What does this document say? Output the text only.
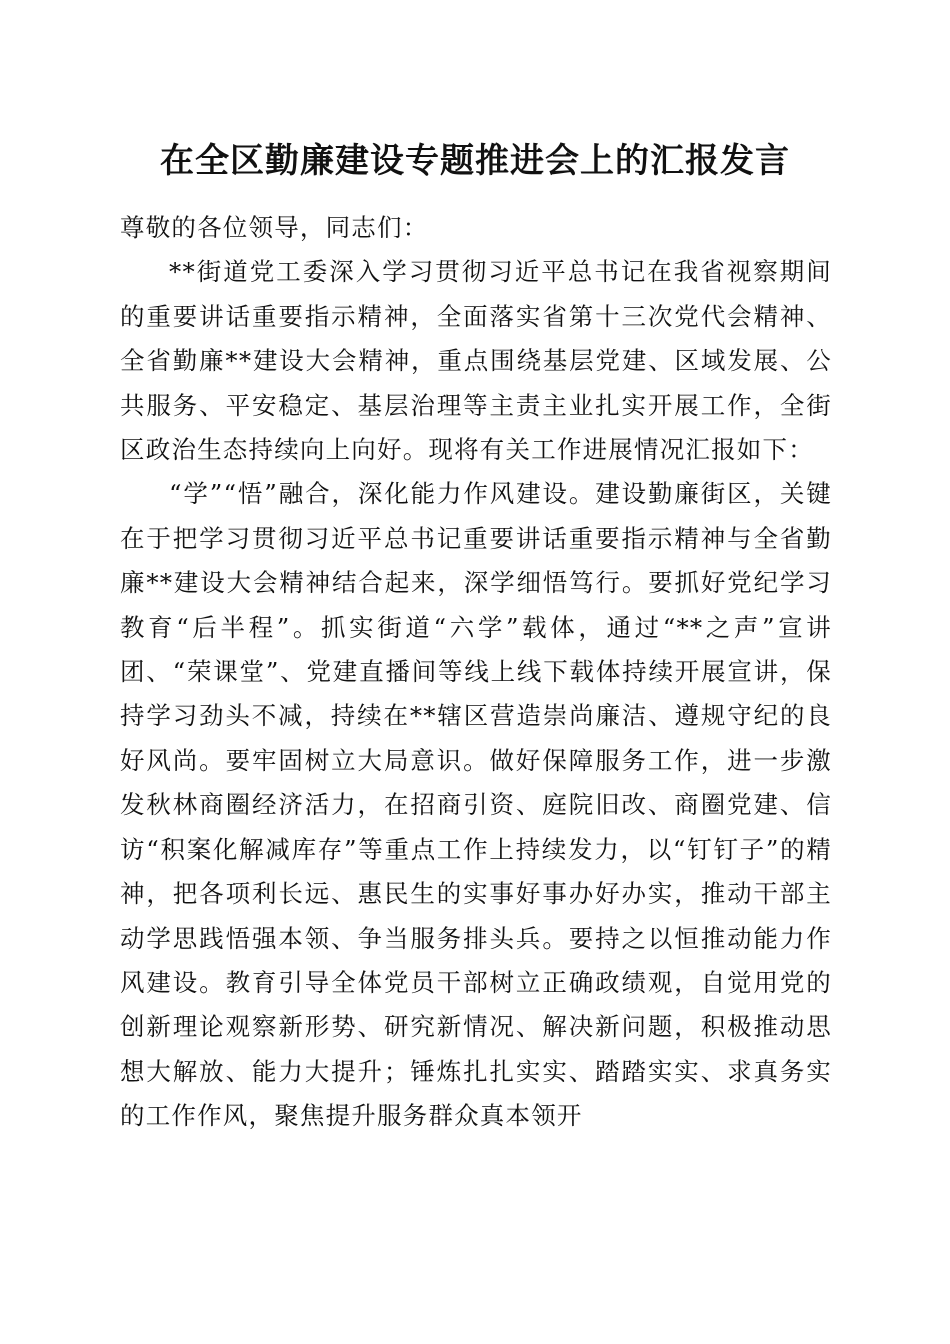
在全区勤廉建设专题推进会上的汇报发言

尊敬的各位领导，同志们：

**街道党工委深入学习贯彻习近平总书记在我省视察期间的重要讲话重要指示精神，全面落实省第十三次党代会精神、全省勤廉**建设大会精神，重点围绕基层党建、区域发展、公共服务、平安稳定、基层治理等主责主业扎实开展工作，全街区政治生态持续向上向好。现将有关工作进展情况汇报如下：

“学”“悟”融合，深化能力作风建设。建设勤廉街区，关键在于把学习贯彻习近平总书记重要讲话重要指示精神与全省勤廉**建设大会精神结合起来，深学细悟笃行。要抓好党纪学习教育“后半程”。抓实街道“六学”载体，通过“**之声”宣讲团、“荣课堂”、党建直播间等线上线下载体持续开展宣讲，保持学习劲头不减，持续在**辖区营造崇尚廉洁、遵规守纪的良好风尚。要牢固树立大局意识。做好保障服务工作，进一步激发秋林商圈经济活力，在招商引资、庭院旧改、商圈党建、信访“积案化解减库存”等重点工作上持续发力，以“钉钉子”的精神，把各项利长远、惠民生的实事好事办好办实，推动干部主动学思践悟强本领、争当服务排头兵。要持之以恒推动能力作风建设。教育引导全体党员干部树立正确政绩观，自觉用党的创新理论观察新形势、研究新情况、解决新问题，积极推动思想大解放、能力大提升；锤炼扎扎实实、踏踏实实、求真务实的工作作风，聚焦提升服务群众真本领开
